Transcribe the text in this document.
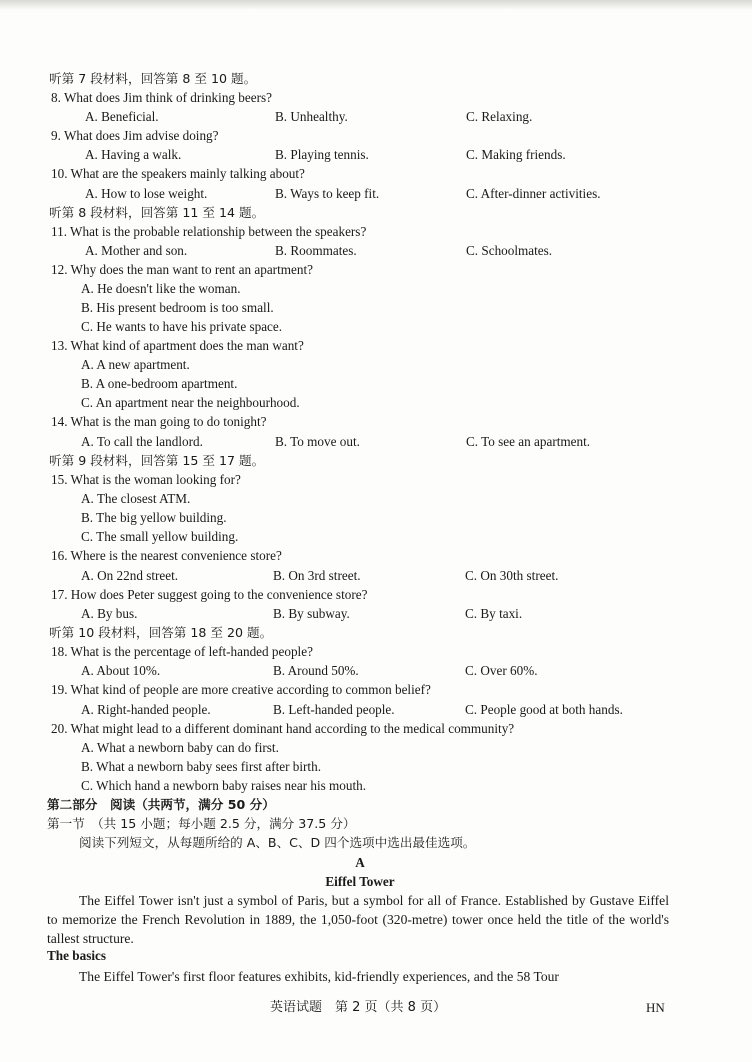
听第 7 段材料，回答第 8 至 10 题。
8. What does Jim think of drinking beers?
A. Beneficial.	B. Unhealthy.	C. Relaxing.
9. What does Jim advise doing?
A. Having a walk.	B. Playing tennis.	C. Making friends.
10. What are the speakers mainly talking about?
A. How to lose weight.	B. Ways to keep fit.	C. After-dinner activities.
听第 8 段材料，回答第 11 至 14 题。
11. What is the probable relationship between the speakers?
A. Mother and son.	B. Roommates.	C. Schoolmates.
12. Why does the man want to rent an apartment?
A. He doesn't like the woman.
B. His present bedroom is too small.
C. He wants to have his private space.
13. What kind of apartment does the man want?
A. A new apartment.
B. A one-bedroom apartment.
C. An apartment near the neighbourhood.
14. What is the man going to do tonight?
A. To call the landlord.	B. To move out.	C. To see an apartment.
听第 9 段材料，回答第 15 至 17 题。
15. What is the woman looking for?
A. The closest ATM.
B. The big yellow building.
C. The small yellow building.
16. Where is the nearest convenience store?
A. On 22nd street.	B. On 3rd street.	C. On 30th street.
17. How does Peter suggest going to the convenience store?
A. By bus.	B. By subway.	C. By taxi.
听第 10 段材料，回答第 18 至 20 题。
18. What is the percentage of left-handed people?
A. About 10%.	B. Around 50%.	C. Over 60%.
19. What kind of people are more creative according to common belief?
A. Right-handed people.	B. Left-handed people.	C. People good at both hands.
20. What might lead to a different dominant hand according to the medical community?
A. What a newborn baby can do first.
B. What a newborn baby sees first after birth.
C. Which hand a newborn baby raises near his mouth.
第二部分　阅读（共两节，满分 50 分）
第一节　（共 15 小题；每小题 2.5 分，满分 37.5 分）
阅读下列短文，从每题所给的 A、B、C、D 四个选项中选出最佳选项。
A
Eiffel Tower

The Eiffel Tower isn't just a symbol of Paris, but a symbol for all of France. Established by Gustave Eiffel to memorize the French Revolution in 1889, the 1,050-foot (320-metre) tower once held the title of the world's tallest structure.

The basics

The Eiffel Tower's first floor features exhibits, kid-friendly experiences, and the 58 Tour

英语试题　第 2 页（共 8 页）	HN
